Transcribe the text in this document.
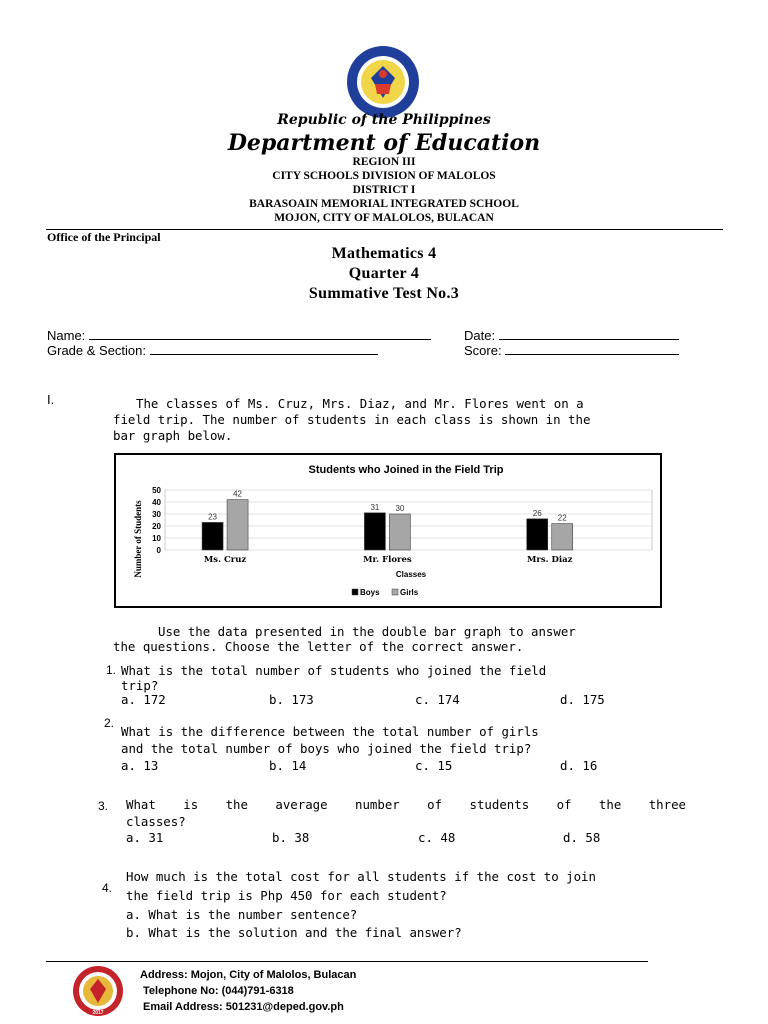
Republic of the Philippines
Department of Education
REGION III
CITY SCHOOLS DIVISION OF MALOLOS
DISTRICT I
BARASOAIN MEMORIAL INTEGRATED SCHOOL
MOJON, CITY OF MALOLOS, BULACAN
Office of the Principal
Mathematics 4
Quarter 4
Summative Test No.3
Name:	Date:
Grade & Section:	Score:
I.	The classes of Ms. Cruz, Mrs. Diaz, and Mr. Flores went on a
field trip. The number of students in each class is shown in the
bar graph below.
Students who Joined in the Field Trip
Number of Students	Classes
0
10
20
30
40
50
23
42
Ms. Cruz
31 30
Mr. Flores
26
22
Mrs. Diaz
Boys	Girls
Use the data presented in the double bar graph to answer
the questions. Choose the letter of the correct answer.
1. What is the total number of students who joined the field
trip?
a. 172	b. 173	c. 174	d. 175
2.
What is the difference between the total number of girls
and the total number of boys who joined the field trip?
a. 13	b. 14	c. 15	d. 16
3. What is the average number of students of the three
classes?
a. 31	b. 38	c. 48	d. 58
4.
How much is the total cost for all students if the cost to join
the field trip is Php 450 for each student?
a. What is the number sentence?
b. What is the solution and the final answer?
2017
Address: Mojon, City of Malolos, Bulacan
Telephone No: (044)791-6318
Email Address: 501231@deped.gov.ph
